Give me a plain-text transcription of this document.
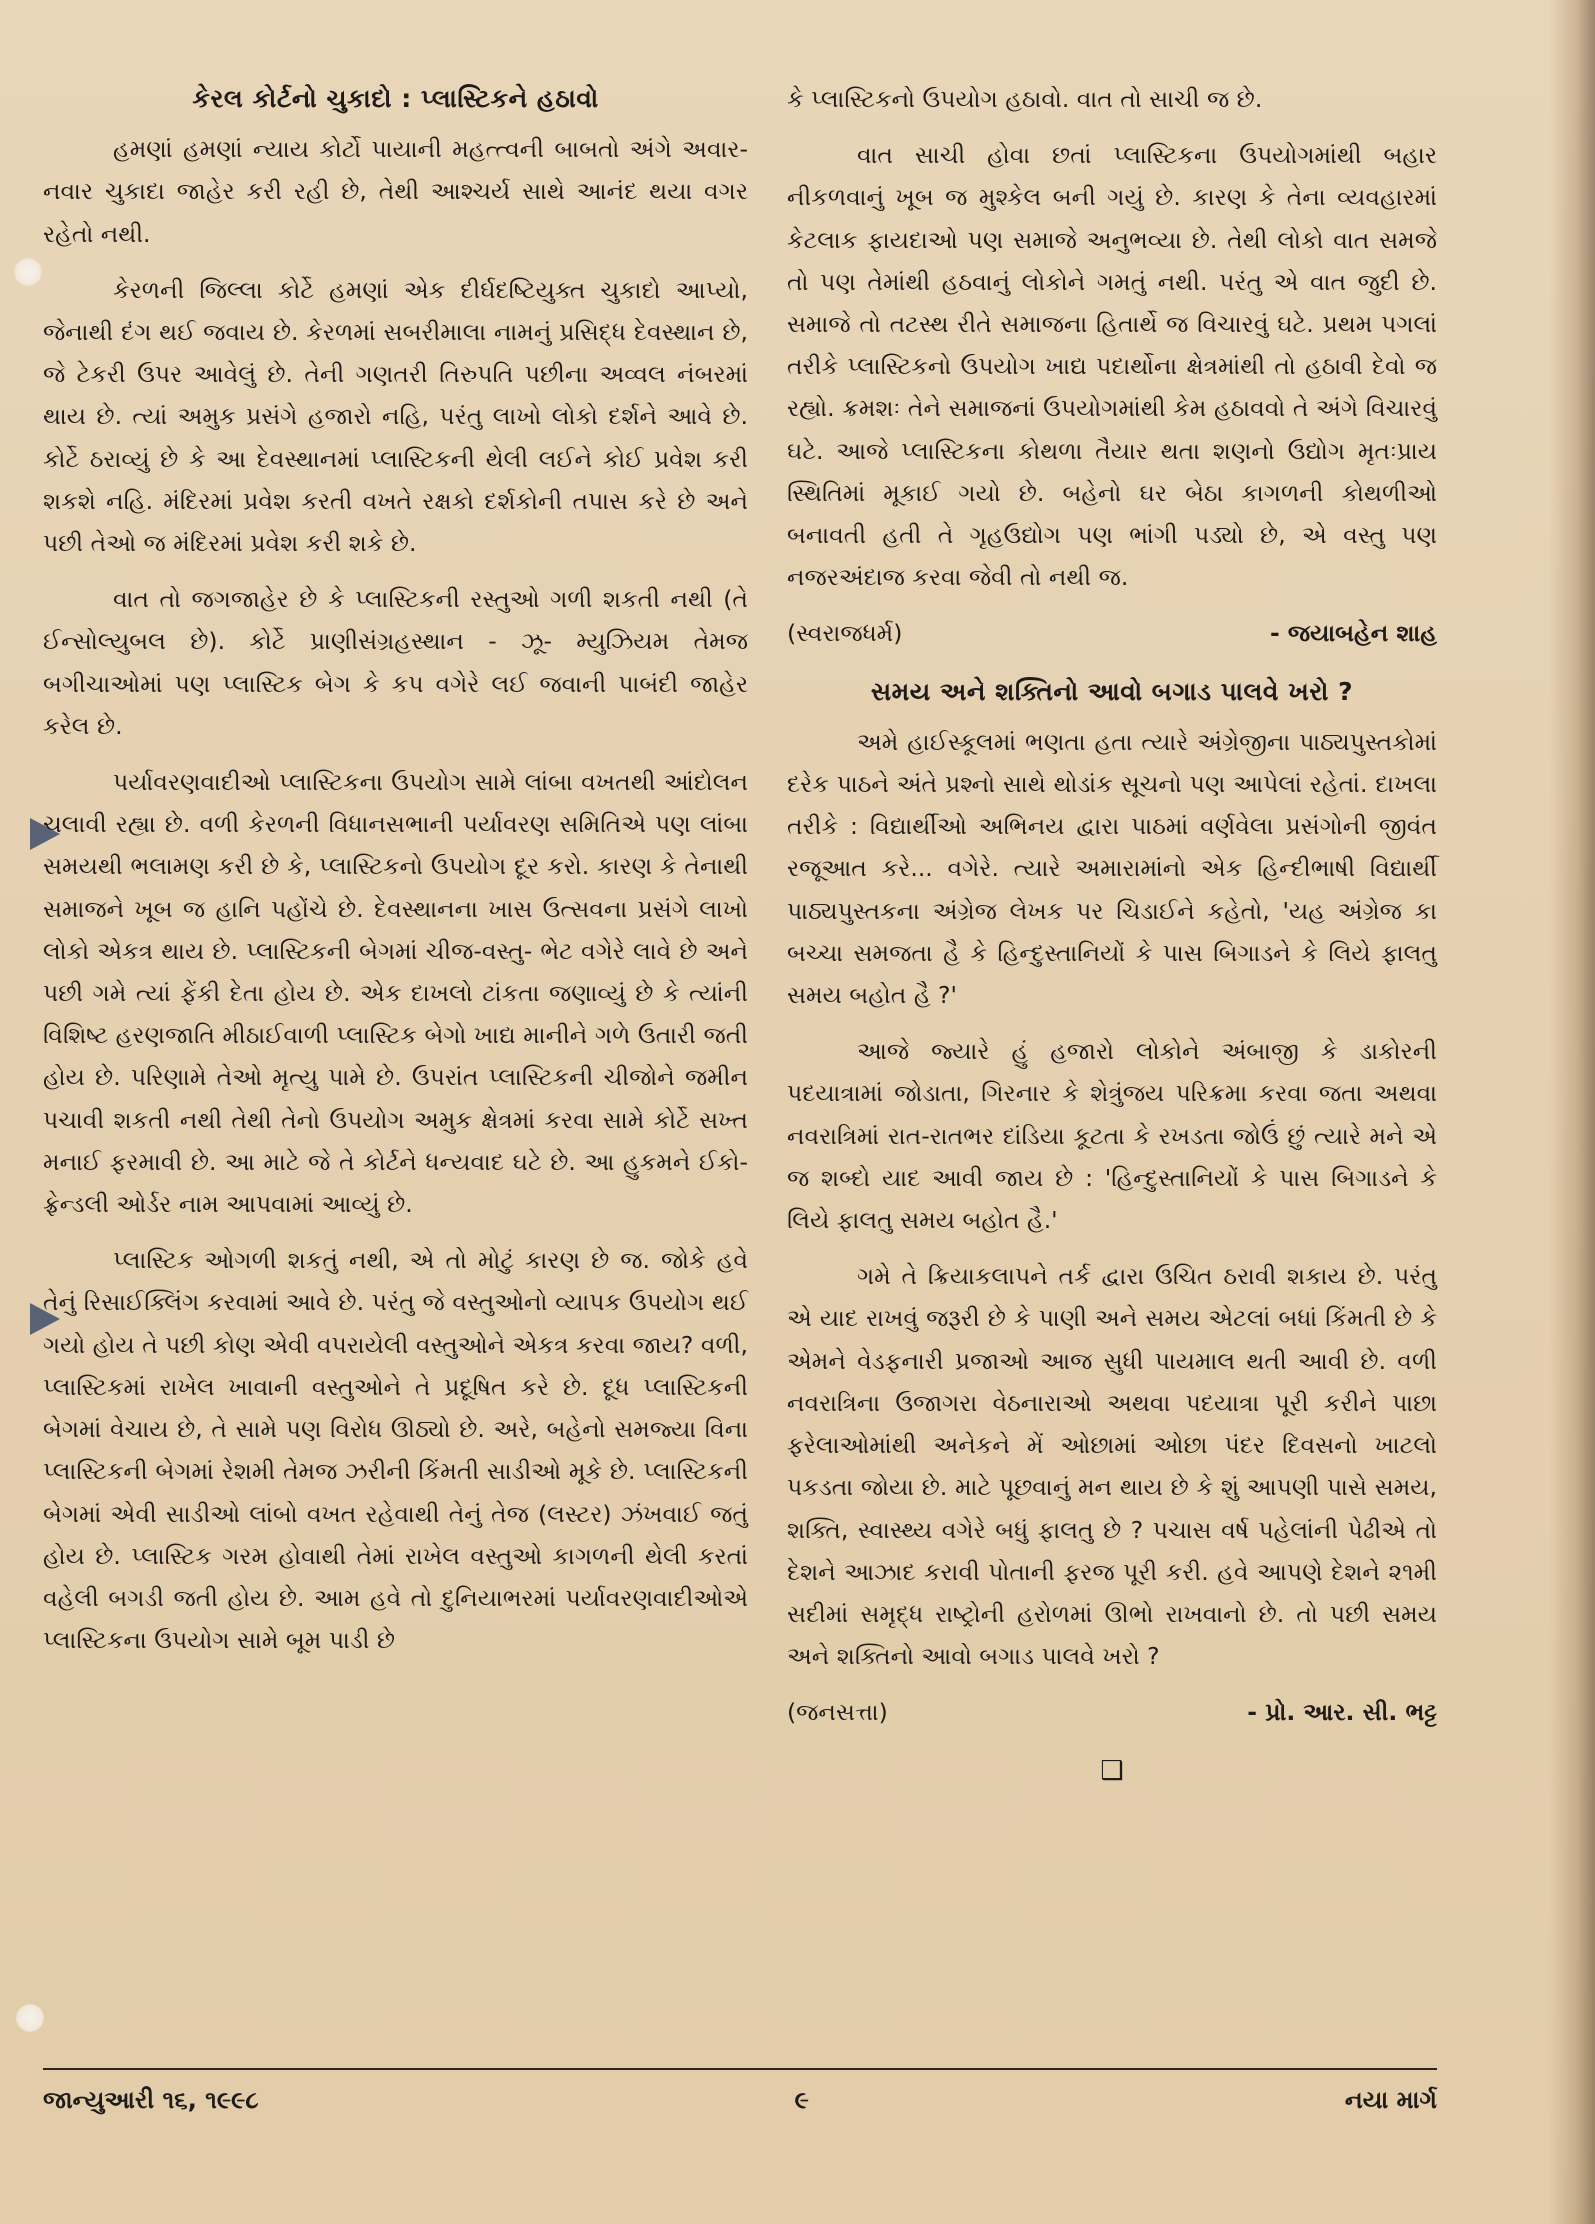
કેરલ કોર્ટનો ચુકાદો : પ્લાસ્ટિકને હઠાવો

હમણાં હમણાં ન્યાય કોર્ટો પાયાની મહત્ત્વની બાબતો અંગે અવાર-નવાર ચુકાદા જાહેર કરી રહી છે, તેથી આશ્ચર્ય સાથે આનંદ થયા વગર રહેતો નથી.

કેરળની જિલ્લા કોર્ટે હમણાં એક દીર્ઘદષ્ટિયુક્ત ચુકાદો આપ્યો, જેનાથી દંગ થઈ જવાય છે. કેરળમાં સબરીમાલા નામનું પ્રસિદ્ધ દેવસ્થાન છે, જે ટેકરી ઉપર આવેલું છે. તેની ગણતરી તિરુપતિ પછીના અવ્વલ નંબરમાં થાય છે. ત્યાં અમુક પ્રસંગે હજારો નહિ, પરંતુ લાખો લોકો દર્શને આવે છે. કોર્ટે ઠરાવ્યું છે કે આ દેવસ્થાનમાં પ્લાસ્ટિકની થેલી લઈને કોઈ પ્રવેશ કરી શકશે નહિ. મંદિરમાં પ્રવેશ કરતી વખતે રક્ષકો દર્શકોની તપાસ કરે છે અને પછી તેઓ જ મંદિરમાં પ્રવેશ કરી શકે છે.

વાત તો જગજાહેર છે કે પ્લાસ્ટિકની રસ્તુઓ ગળી શકતી નથી (તે ઈન્સોલ્યુબલ છે). કોર્ટે પ્રાણીસંગ્રહસ્થાન - ઝૂ- મ્યુઝિયમ તેમજ બગીચાઓમાં પણ પ્લાસ્ટિક બેગ કે કપ વગેરે લઈ જવાની પાબંદી જાહેર કરેલ છે.

પર્યાવરણવાદીઓ પ્લાસ્ટિકના ઉપયોગ સામે લાંબા વખતથી આંદોલન ચલાવી રહ્યા છે. વળી કેરળની વિધાનસભાની પર્યાવરણ સમિતિએ પણ લાંબા સમયથી ભલામણ કરી છે કે, પ્લાસ્ટિકનો ઉપયોગ દૂર કરો. કારણ કે તેનાથી સમાજને ખૂબ જ હાનિ પહોંચે છે. દેવસ્થાનના ખાસ ઉત્સવના પ્રસંગે લાખો લોકો એકત્ર થાય છે. પ્લાસ્ટિકની બેગમાં ચીજ-વસ્તુ- ભેટ વગેરે લાવે છે અને પછી ગમે ત્યાં ફેંકી દેતા હોય છે. એક દાખલો ટાંકતા જણાવ્યું છે કે ત્યાંની વિશિષ્ટ હરણજાતિ મીઠાઈવાળી પ્લાસ્ટિક બેગો ખાદ્ય માનીને ગળે ઉતારી જતી હોય છે. પરિણામે તેઓ મૃત્યુ પામે છે. ઉપરાંત પ્લાસ્ટિકની ચીજોને જમીન પચાવી શકતી નથી તેથી તેનો ઉપયોગ અમુક ક્ષેત્રમાં કરવા સામે કોર્ટે સખ્ત મનાઈ ફરમાવી છે. આ માટે જે તે કોર્ટને ધન્યવાદ ઘટે છે. આ હુકમને ઈકો-ફ્રેન્ડલી ઓર્ડર નામ આપવામાં આવ્યું છે.

પ્લાસ્ટિક ઓગળી શકતું નથી, એ તો મોટું કારણ છે જ. જોકે હવે તેનું રિસાઈક્લિંગ કરવામાં આવે છે. પરંતુ જે વસ્તુઓનો વ્યાપક ઉપયોગ થઈ ગયો હોય તે પછી કોણ એવી વપરાયેલી વસ્તુઓને એકત્ર કરવા જાય? વળી, પ્લાસ્ટિકમાં રાખેલ ખાવાની વસ્તુઓને તે પ્રદૂષિત કરે છે. દૂધ પ્લાસ્ટિકની બેગમાં વેચાય છે, તે સામે પણ વિરોધ ઊઠ્યો છે. અરે, બહેનો સમજ્યા વિના પ્લાસ્ટિકની બેગમાં રેશમી તેમજ ઝરીની કિંમતી સાડીઓ મૂકે છે. પ્લાસ્ટિકની બેગમાં એવી સાડીઓ લાંબો વખત રહેવાથી તેનું તેજ (લસ્ટર) ઝંખવાઈ જતું હોય છે. પ્લાસ્ટિક ગરમ હોવાથી તેમાં રાખેલ વસ્તુઓ કાગળની થેલી કરતાં વહેલી બગડી જતી હોય છે. આમ હવે તો દુનિયાભરમાં પર્યાવરણવાદીઓએ પ્લાસ્ટિકના ઉપયોગ સામે બૂમ પાડી છે

કે પ્લાસ્ટિકનો ઉપયોગ હઠાવો. વાત તો સાચી જ છે.

વાત સાચી હોવા છતાં પ્લાસ્ટિકના ઉપયોગમાંથી બહાર નીકળવાનું ખૂબ જ મુશ્કેલ બની ગયું છે. કારણ કે તેના વ્યવહારમાં કેટલાક ફાયદાઓ પણ સમાજે અનુભવ્યા છે. તેથી લોકો વાત સમજે તો પણ તેમાંથી હઠવાનું લોકોને ગમતું નથી. પરંતુ એ વાત જુદી છે. સમાજે તો તટસ્થ રીતે સમાજના હિતાર્થે જ વિચારવું ઘટે. પ્રથમ પગલાં તરીકે પ્લાસ્ટિકનો ઉપયોગ ખાદ્ય પદાર્થોના ક્ષેત્રમાંથી તો હઠાવી દેવો જ રહ્યો. ક્રમશઃ તેને સમાજનાં ઉપયોગમાંથી કેમ હઠાવવો તે અંગે વિચારવું ઘટે. આજે પ્લાસ્ટિકના કોથળા તૈયાર થતા શણનો ઉદ્યોગ મૃતઃપ્રાય સ્થિતિમાં મૂકાઈ ગયો છે. બહેનો ઘર બેઠા કાગળની કોથળીઓ બનાવતી હતી તે ગૃહઉદ્યોગ પણ ભાંગી પડ્યો છે, એ વસ્તુ પણ નજરઅંદાજ કરવા જેવી તો નથી જ.

(સ્વરાજધર્મ)	- જયાબહેન શાહ
સમય અને શક્તિનો આવો બગાડ પાલવે ખરો ?

અમે હાઈસ્કૂલમાં ભણતા હતા ત્યારે અંગ્રેજીના પાઠ્યપુસ્તકોમાં દરેક પાઠને અંતે પ્રશ્નો સાથે થોડાંક સૂચનો પણ આપેલાં રહેતાં. દાખલા તરીકે : વિદ્યાર્થીઓ અભિનય દ્વારા પાઠમાં વર્ણવેલા પ્રસંગોની જીવંત રજૂઆત કરે... વગેરે. ત્યારે અમારામાંનો એક હિન્દીભાષી વિદ્યાર્થી પાઠ્યપુસ્તકના અંગ્રેજ લેખક પર ચિડાઈને કહેતો, 'યહ અંગ્રેજ કા બચ્ચા સમજતા હૈ કે હિન્દુસ્તાનિયોં કે પાસ બિગાડને કે લિયે ફાલતુ સમય બહોત હૈ ?'

આજે જ્યારે હું હજારો લોકોને અંબાજી કે ડાકોરની પદયાત્રામાં જોડાતા, ગિરનાર કે શેત્રુંજય પરિક્રમા કરવા જતા અથવા નવરાત્રિમાં રાત-રાતભર દાંડિયા કૂટતા કે રખડતા જોઉં છું ત્યારે મને એ જ શબ્દો યાદ આવી જાય છે : 'હિન્દુસ્તાનિયોં કે પાસ બિગાડને કે લિયે ફાલતુ સમય બહોત હૈ.'

ગમે તે ક્રિયાકલાપને તર્ક દ્વારા ઉચિત ઠરાવી શકાય છે. પરંતુ એ યાદ રાખવું જરૂરી છે કે પાણી અને સમય એટલાં બધાં કિંમતી છે કે એમને વેડફનારી પ્રજાઓ આજ સુધી પાયમાલ થતી આવી છે. વળી નવરાત્રિના ઉજાગરા વેઠનારાઓ અથવા પદયાત્રા પૂરી કરીને પાછા ફરેલાઓમાંથી અનેકને મેં ઓછામાં ઓછા પંદર દિવસનો ખાટલો પકડતા જોયા છે. માટે પૂછવાનું મન થાય છે કે શું આપણી પાસે સમય, શક્તિ, સ્વાસ્થ્ય વગેરે બધું ફાલતુ છે ? પચાસ વર્ષ પહેલાંની પેઢીએ તો દેશને આઝાદ કરાવી પોતાની ફરજ પૂરી કરી. હવે આપણે દેશને ૨૧મી સદીમાં સમૃદ્ધ રાષ્ટ્રોની હરોળમાં ઊભો રાખવાનો છે. તો પછી સમય અને શક્તિનો આવો બગાડ પાલવે ખરો ?

(જનસત્તા)	- પ્રો. આર. સી. ભટ્ટ
❑
જાન્યુઆરી ૧૬, ૧૯૯૮	૯	નયા માર્ગ
